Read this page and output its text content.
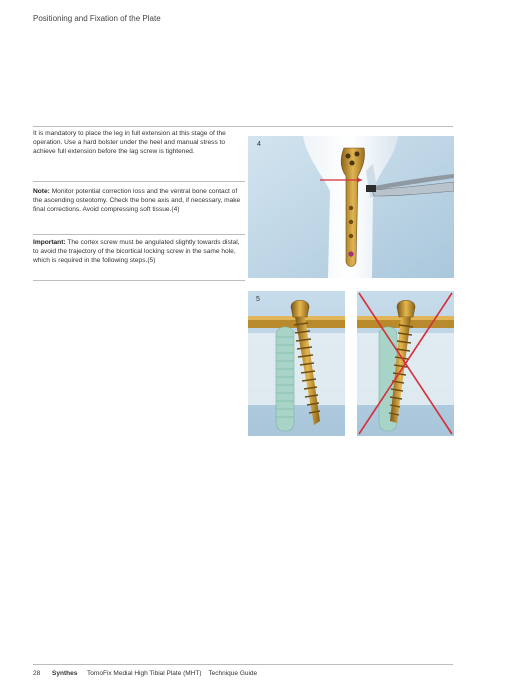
Positioning and Fixation of the Plate

It is mandatory to place the leg in full extension at this stage of the operation. Use a hard bolster under the heel and manual stress to achieve full extension before the lag screw is tightened.

Note: Monitor potential correction loss and the ventral bone contact of the ascending osteotomy. Check the bone axis and, if necessary, make final corrections. Avoid compressing soft tissue.(4)

Important: The cortex screw must be angulated slightly towards distal, to avoid the trajectory of the bicortical locking screw in the same hole, which is required in the following steps.(5)

4
5
28 Synthes TomoFix Medial High Tibial Plate (MHT) Technique Guide
